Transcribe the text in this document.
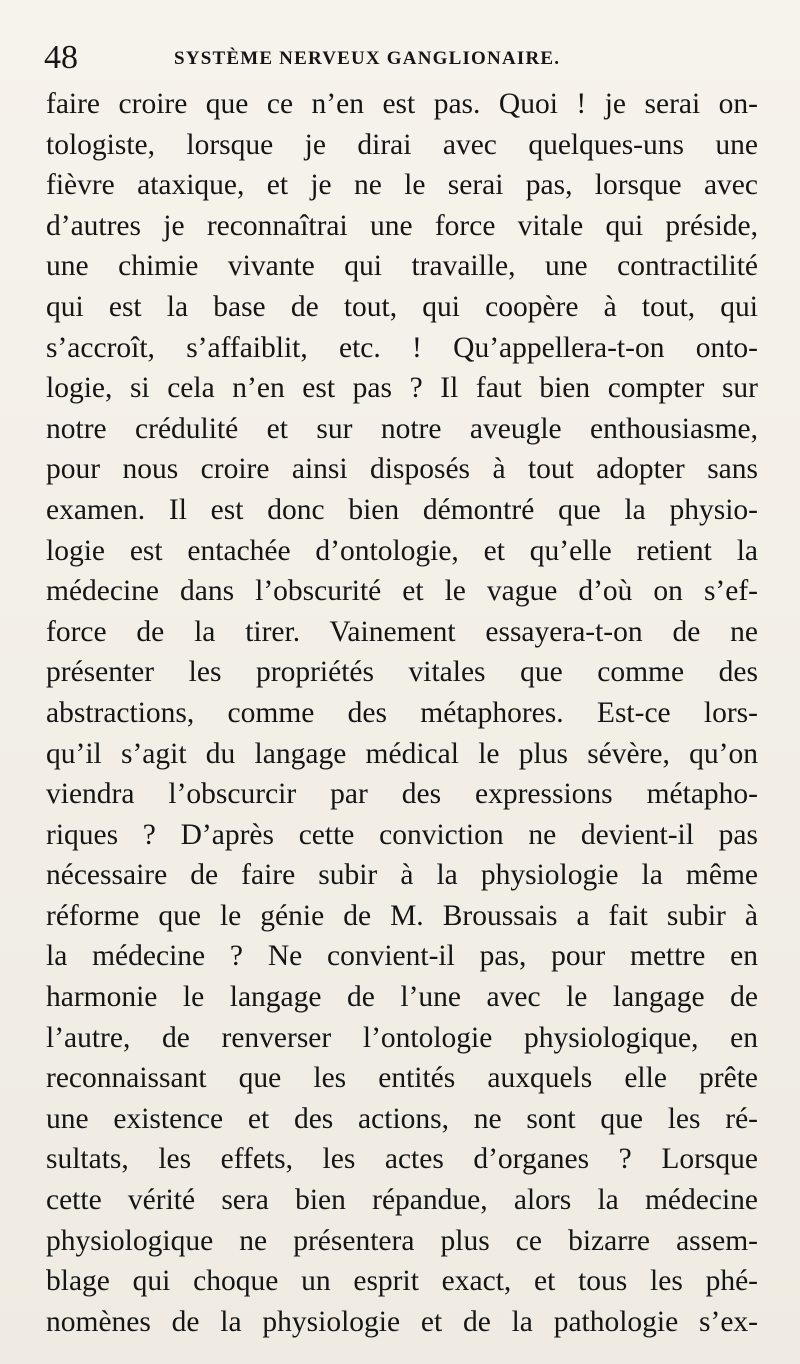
48	SYSTÈME NERVEUX GANGLIONAIRE.
faire croire que ce n’en est pas. Quoi ! je serai on-
tologiste, lorsque je dirai avec quelques-uns une
fièvre ataxique, et je ne le serai pas, lorsque avec
d’autres je reconnaîtrai une force vitale qui préside,
une chimie vivante qui travaille, une contractilité
qui est la base de tout, qui coopère à tout, qui
s’accroît, s’affaiblit, etc. ! Qu’appellera-t-on onto-
logie, si cela n’en est pas ? Il faut bien compter sur
notre crédulité et sur notre aveugle enthousiasme,
pour nous croire ainsi disposés à tout adopter sans
examen. Il est donc bien démontré que la physio-
logie est entachée d’ontologie, et qu’elle retient la
médecine dans l’obscurité et le vague d’où on s’ef-
force de la tirer. Vainement essayera-t-on de ne
présenter les propriétés vitales que comme des
abstractions, comme des métaphores. Est-ce lors-
qu’il s’agit du langage médical le plus sévère, qu’on
viendra l’obscurcir par des expressions métapho-
riques ? D’après cette conviction ne devient-il pas
nécessaire de faire subir à la physiologie la même
réforme que le génie de M. Broussais a fait subir à
la médecine ? Ne convient-il pas, pour mettre en
harmonie le langage de l’une avec le langage de
l’autre, de renverser l’ontologie physiologique, en
reconnaissant que les entités auxquels elle prête
une existence et des actions, ne sont que les ré-
sultats, les effets, les actes d’organes ? Lorsque
cette vérité sera bien répandue, alors la médecine
physiologique ne présentera plus ce bizarre assem-
blage qui choque un esprit exact, et tous les phé-
nomènes de la physiologie et de la pathologie s’ex-
